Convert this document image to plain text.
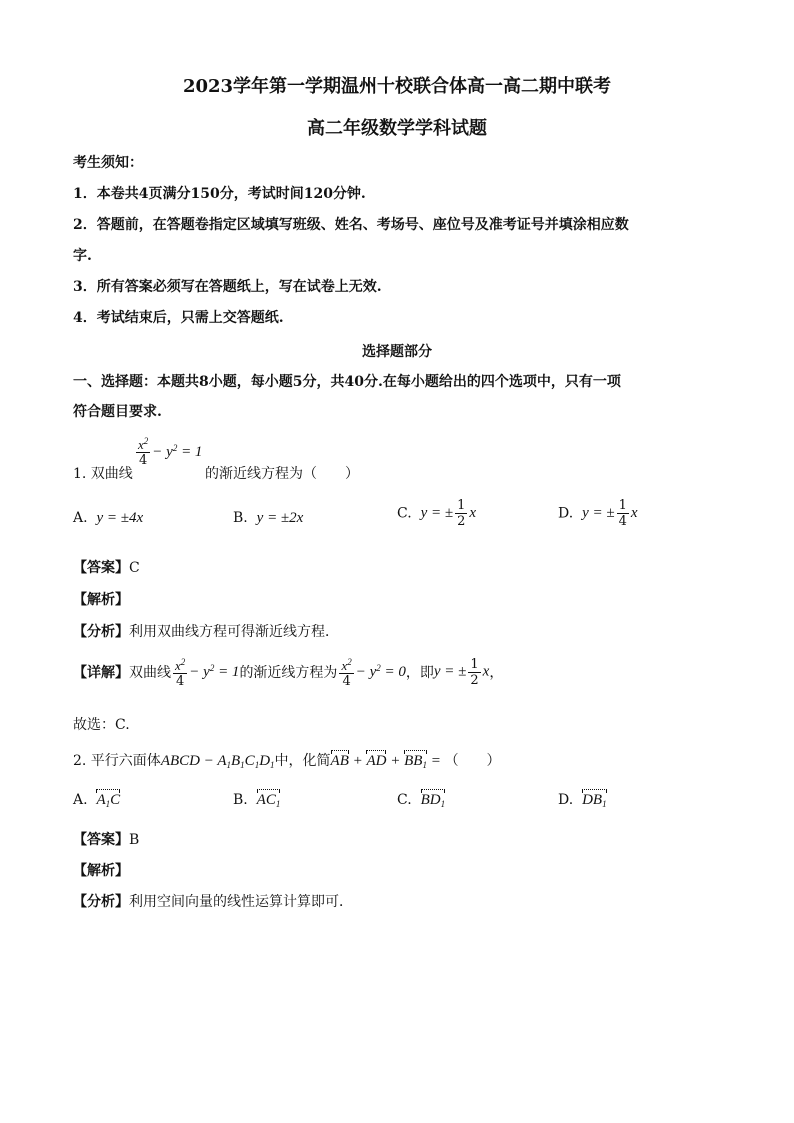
2023学年第一学期温州十校联合体高一高二期中联考
高二年级数学学科试题
考生须知：
1．本卷共4页满分150分，考试时间120分钟.
2．答题前，在答题卷指定区域填写班级、姓名、考场号、座位号及准考证号并填涂相应数
字.
3．所有答案必须写在答题纸上，写在试卷上无效.
4．考试结束后，只需上交答题纸.
选择题部分
一、选择题：本题共8小题，每小题5分，共40分.在每小题给出的四个选项中，只有一项
符合题目要求.
$\frac{x^2}{4} - y^2 = 1$
1. 双曲线	的渐近线方程为（　　）
A. y = ±4x	B. y = ±2x	C. y = ± $\frac{1}{2}$ x	D. y = ± $\frac{1}{4}$ x
【答案】C
【解析】
【分析】利用双曲线方程可得渐近线方程．
【详解】双曲线 $\frac{x^2}{4} - y^2 = 1$的渐近线方程为 $\frac{x^2}{4} - y^2 = 0$，即y = ± $\frac{1}{2}$ x，
故选：C.
2. 平行六面体ABCD − $A_1B_1C_1D_1$中，化简AB + AD + $BB_1$ = （　　）
A. $A_1C$	B. $AC_1$	C. $BD_1$	D. $DB_1$
【答案】B
【解析】
【分析】利用空间向量的线性运算计算即可．
